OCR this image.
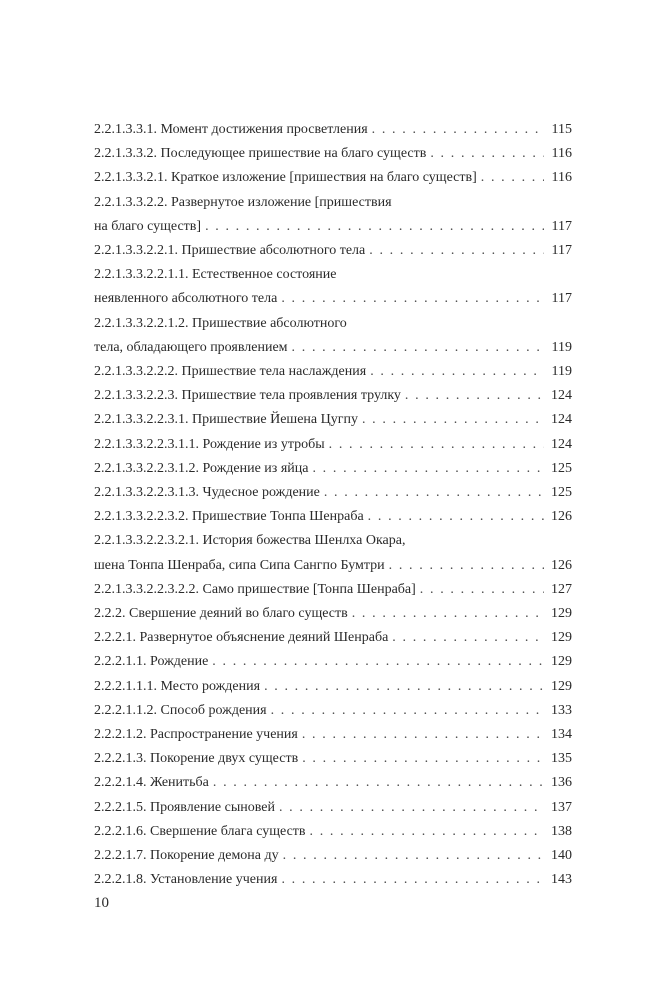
2.2.1.3.3.1. Момент достижения просветления . . .	115
2.2.1.3.3.2. Последующее пришествие на благо существ . . .	116
2.2.1.3.3.2.1. Краткое изложение [пришествия на благо существ] . . .	116
2.2.1.3.3.2.2. Развернутое изложение [пришествия
на благо существ] . . .	117
2.2.1.3.3.2.2.1. Пришествие абсолютного тела . . .	117
2.2.1.3.3.2.2.1.1. Естественное состояние
неявленного абсолютного тела . . .	117
2.2.1.3.3.2.2.1.2. Пришествие абсолютного
тела, обладающего проявлением . . .	119
2.2.1.3.3.2.2.2. Пришествие тела наслаждения . . .	119
2.2.1.3.3.2.2.3. Пришествие тела проявления трулку . . .	124
2.2.1.3.3.2.2.3.1. Пришествие Йешена Цугпу . . .	124
2.2.1.3.3.2.2.3.1.1. Рождение из утробы . . .	124
2.2.1.3.3.2.2.3.1.2. Рождение из яйца . . .	125
2.2.1.3.3.2.2.3.1.3. Чудесное рождение . . .	125
2.2.1.3.3.2.2.3.2. Пришествие Тонпа Шенраба . . .	126
2.2.1.3.3.2.2.3.2.1. История божества Шенлха Окара,
шена Тонпа Шенраба, сипа Сипа Сангпо Бумтри . . .	126
2.2.1.3.3.2.2.3.2.2. Само пришествие [Тонпа Шенраба] . . .	127
2.2.2. Свершение деяний во благо существ . . .	129
2.2.2.1. Развернутое объяснение деяний Шенраба . . .	129
2.2.2.1.1. Рождение . . .	129
2.2.2.1.1.1. Место рождения . . .	129
2.2.2.1.1.2. Способ рождения . . .	133
2.2.2.1.2. Распространение учения . . .	134
2.2.2.1.3. Покорение двух существ . . .	135
2.2.2.1.4. Женитьба . . .	136
2.2.2.1.5. Проявление сыновей . . .	137
2.2.2.1.6. Свершение блага существ . . .	138
2.2.2.1.7. Покорение демона ду . . .	140
2.2.2.1.8. Установление учения . . .	143
10
